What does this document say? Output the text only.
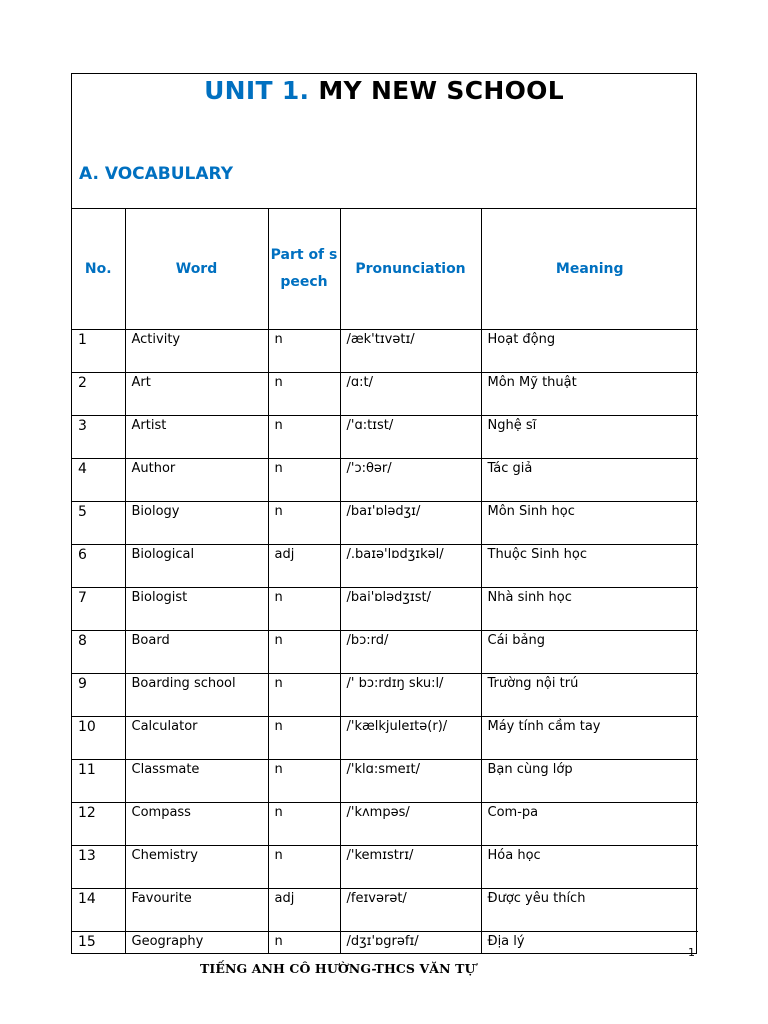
UNIT 1. MY NEW SCHOOL
A. VOCABULARY
No.	Word	Part of speech	Pronunciation	Meaning
1	Activity	n	/æk'tɪvətɪ/	Hoạt động
2	Art	n	/ɑ:t/	Môn Mỹ thuật
3	Artist	n	/'ɑ:tɪst/	Nghệ sĩ
4	Author	n	/'ɔ:θər/	Tác giả
5	Biology	n	/baɪ'ɒlədʒɪ/	Môn Sinh học
6	Biological	adj	/.baɪə'lɒdʒɪkəl/	Thuộc Sinh học
7	Biologist	n	/bai'ɒlədʒɪst/	Nhà sinh học
8	Board	n	/bɔ:rd/	Cái bảng
9	Boarding school	n	/' bɔ:rdɪŋ sku:l/	Trường nội trú
10	Calculator	n	/'kælkjuleɪtə(r)/	Máy tính cầm tay
11	Classmate	n	/'klɑ:smeɪt/	Bạn cùng lớp
12	Compass	n	/'kʌmpəs/	Com-pa
13	Chemistry	n	/'kemɪstrɪ/	Hóa học
14	Favourite	adj	/feɪvərət/	Được yêu thích
15	Geography	n	/dʒɪ'ɒgrəfɪ/	Địa lý
1
TIẾNG ANH CÔ HƯỜNG-THCS VĂN TỰ
